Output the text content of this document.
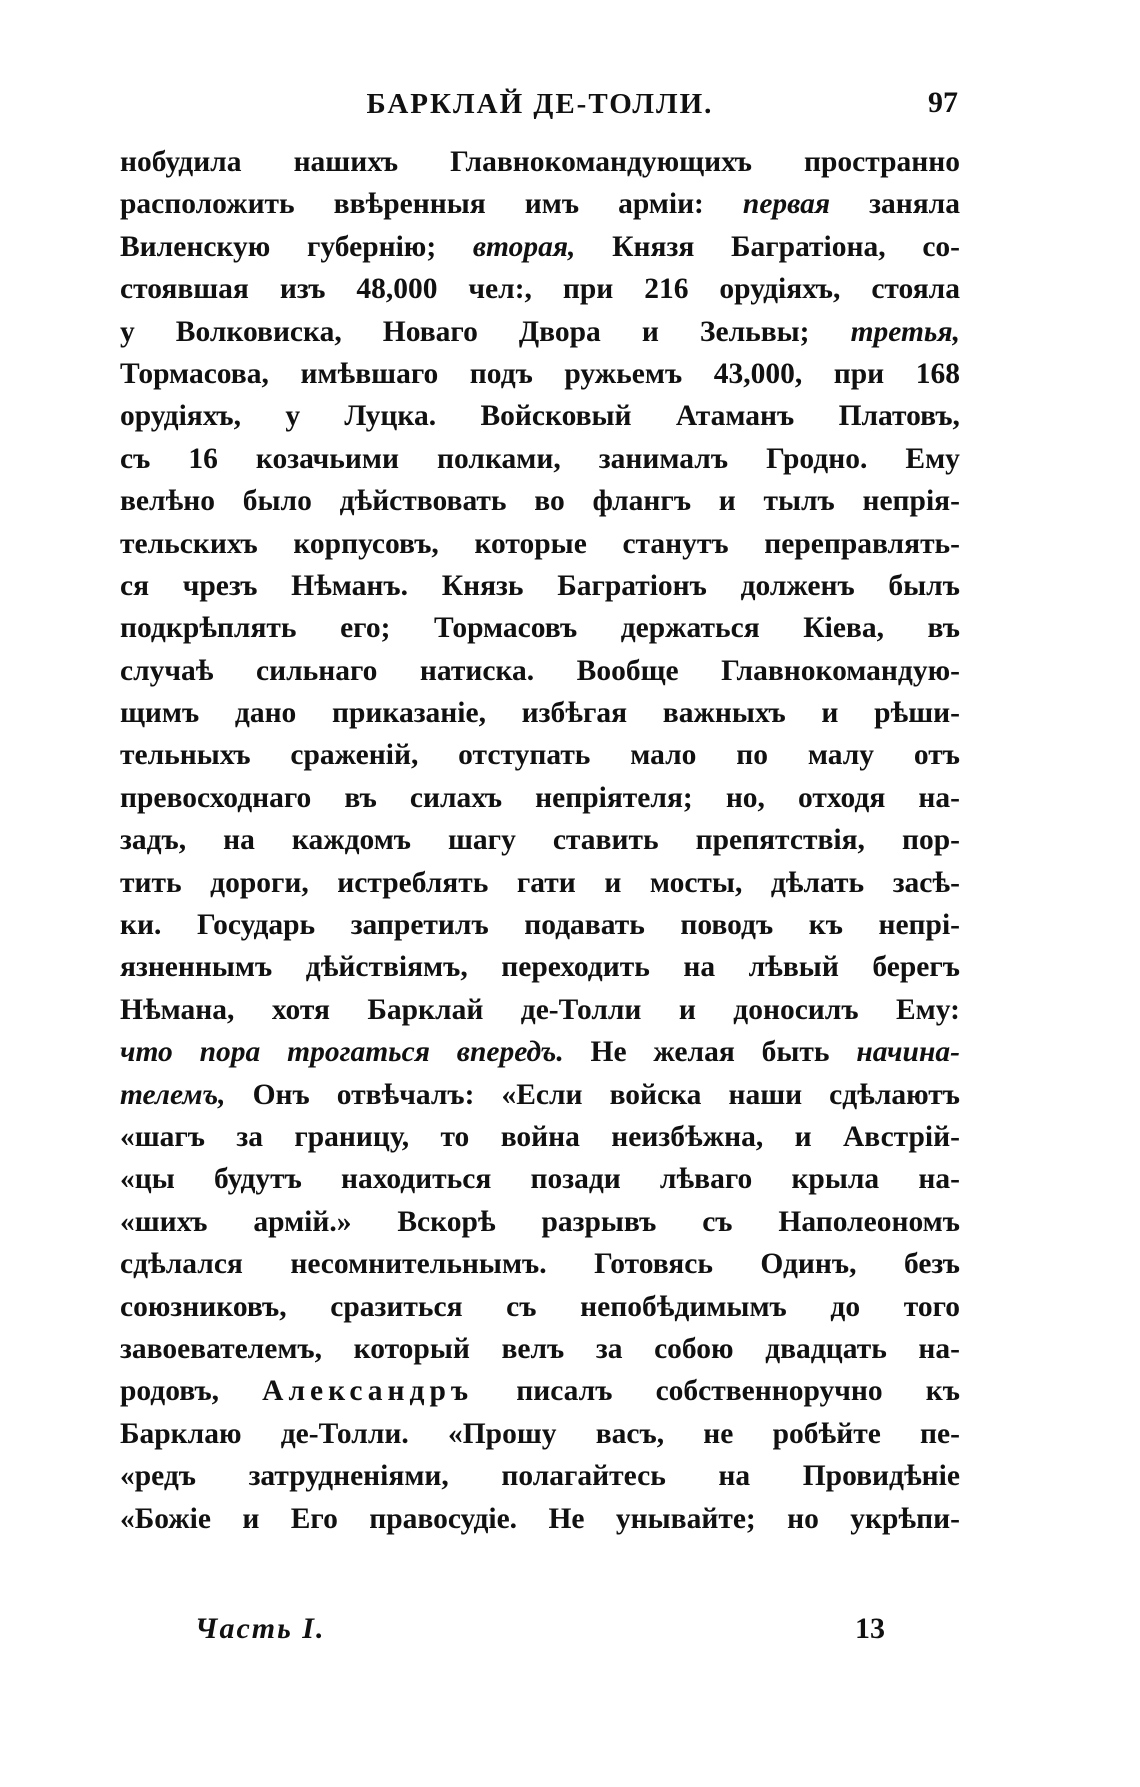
БАРКЛАЙ ДЕ-ТОЛЛИ.	97
нобудила нашихъ Главнокомандующихъ пространно
расположить ввѣренныя имъ арміи: первая заняла
Виленскую губернію; вторая, Князя Багратіона, со-
стоявшая изъ 48,000 чел:, при 216 орудіяхъ, стояла
у Волковиска, Новаго Двора и Зельвы; третья,
Тормасова, имѣвшаго подъ ружьемъ 43,000, при 168
орудіяхъ, у Луцка. Войсковый Атаманъ Платовъ,
съ 16 козачьими полками, занималъ Гродно. Ему
велѣно было дѣйствовать во флангъ и тылъ непрія-
тельскихъ корпусовъ, которые станутъ переправлять-
ся чрезъ Нѣманъ. Князь Багратіонъ долженъ былъ
подкрѣплять его; Тормасовъ держаться Кіева, въ
случаѣ сильнаго натиска. Вообще Главнокомандую-
щимъ дано приказаніе, избѣгая важныхъ и рѣши-
тельныхъ сраженій, отступать мало по малу отъ
превосходнаго въ силахъ непріятеля; но, отходя на-
задъ, на каждомъ шагу ставить препятствія, пор-
тить дороги, истреблять гати и мосты, дѣлать засѣ-
ки. Государь запретилъ подавать поводъ къ непрі-
язненнымъ дѣйствіямъ, переходить на лѣвый берегъ
Нѣмана, хотя Барклай де-Толли и доносилъ Ему:
что пора трогаться впередъ. Не желая быть начина-
телемъ, Онъ отвѣчалъ: «Если войска наши сдѣлаютъ
«шагъ за границу, то война неизбѣжна, и Австрій-
«цы будутъ находиться позади лѣваго крыла на-
«шихъ армій.» Вскорѣ разрывъ съ Наполеономъ
сдѣлался несомнительнымъ. Готовясь Одинъ, безъ
союзниковъ, сразиться съ непобѣдимымъ до того
завоевателемъ, который велъ за собою двадцать на-
родовъ, Александръ писалъ собственноручно къ
Барклаю де-Толли. «Прошу васъ, не робѣйте пе-
«редъ затрудненіями, полагайтесь на Провидѣніе
«Божіе и Его правосудіе. Не унывайте; но укрѣпи-
Часть I.	13
